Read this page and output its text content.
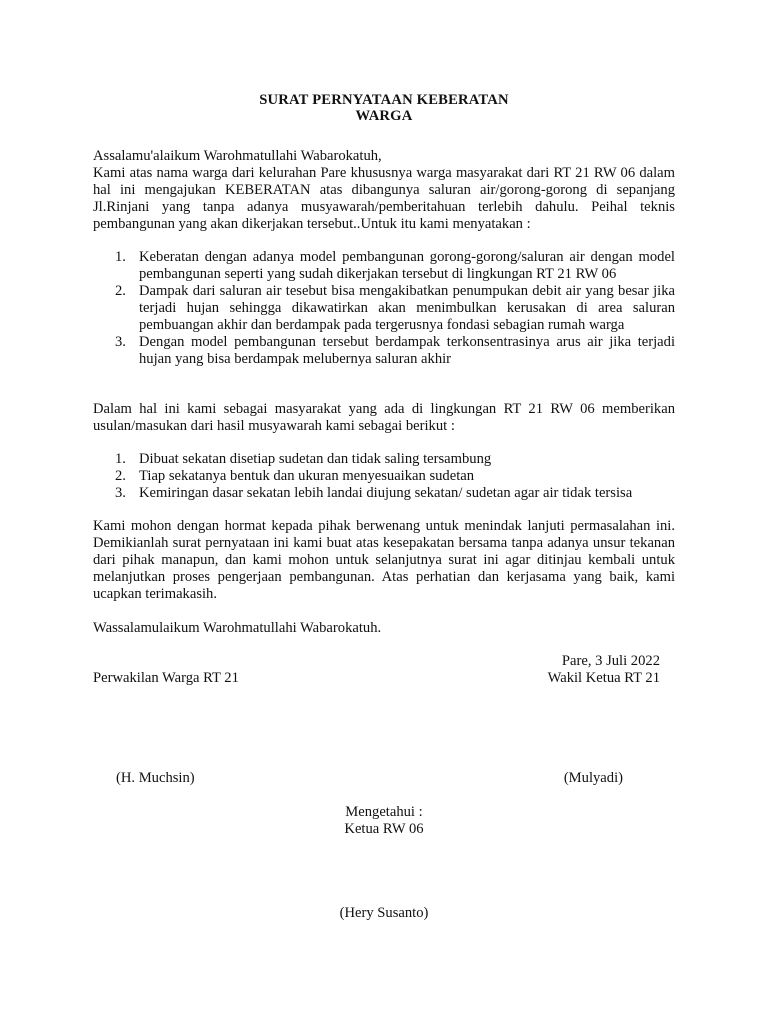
SURAT PERNYATAAN KEBERATAN
WARGA

Assalamu'alaikum Warohmatullahi Wabarokatuh,

Kami atas nama warga dari kelurahan Pare khususnya warga masyarakat dari RT 21 RW 06 dalam hal ini mengajukan KEBERATAN atas dibangunya saluran air/gorong-gorong di sepanjang Jl.Rinjani yang tanpa adanya musyawarah/pemberitahuan terlebih dahulu. Peihal teknis pembangunan yang akan dikerjakan tersebut..Untuk itu kami menyatakan :

1. Keberatan dengan adanya model pembangunan gorong-gorong/saluran air dengan model pembangunan seperti yang sudah dikerjakan tersebut di lingkungan RT 21 RW 06
2. Dampak dari saluran air tesebut bisa mengakibatkan penumpukan debit air yang besar jika terjadi hujan sehingga dikawatirkan akan menimbulkan kerusakan di area saluran pembuangan akhir dan berdampak pada tergerusnya fondasi sebagian rumah warga
3. Dengan model pembangunan tersebut berdampak terkonsentrasinya arus air jika terjadi hujan yang bisa berdampak melubernya saluran akhir

Dalam hal ini kami sebagai masyarakat yang ada di lingkungan RT 21 RW 06 memberikan usulan/masukan dari hasil musyawarah kami sebagai berikut :

1. Dibuat sekatan disetiap sudetan dan tidak saling tersambung
2. Tiap sekatanya bentuk dan ukuran menyesuaikan sudetan
3. Kemiringan dasar sekatan lebih landai diujung sekatan/ sudetan agar air tidak tersisa

Kami mohon dengan hormat kepada pihak berwenang untuk menindak lanjuti permasalahan ini. Demikianlah surat pernyataan ini kami buat atas kesepakatan bersama tanpa adanya unsur tekanan dari pihak manapun, dan kami mohon untuk selanjutnya surat ini agar ditinjau kembali untuk melanjutkan proses pengerjaan pembangunan. Atas perhatian dan kerjasama yang baik, kami ucapkan terimakasih.

Wassalamulaikum Warohmatullahi Wabarokatuh.

Pare, 3 Juli 2022
Perwakilan Warga RT 21	Wakil Ketua RT 21
(H. Muchsin)	(Mulyadi)
Mengetahui :
Ketua RW 06
(Hery Susanto)
